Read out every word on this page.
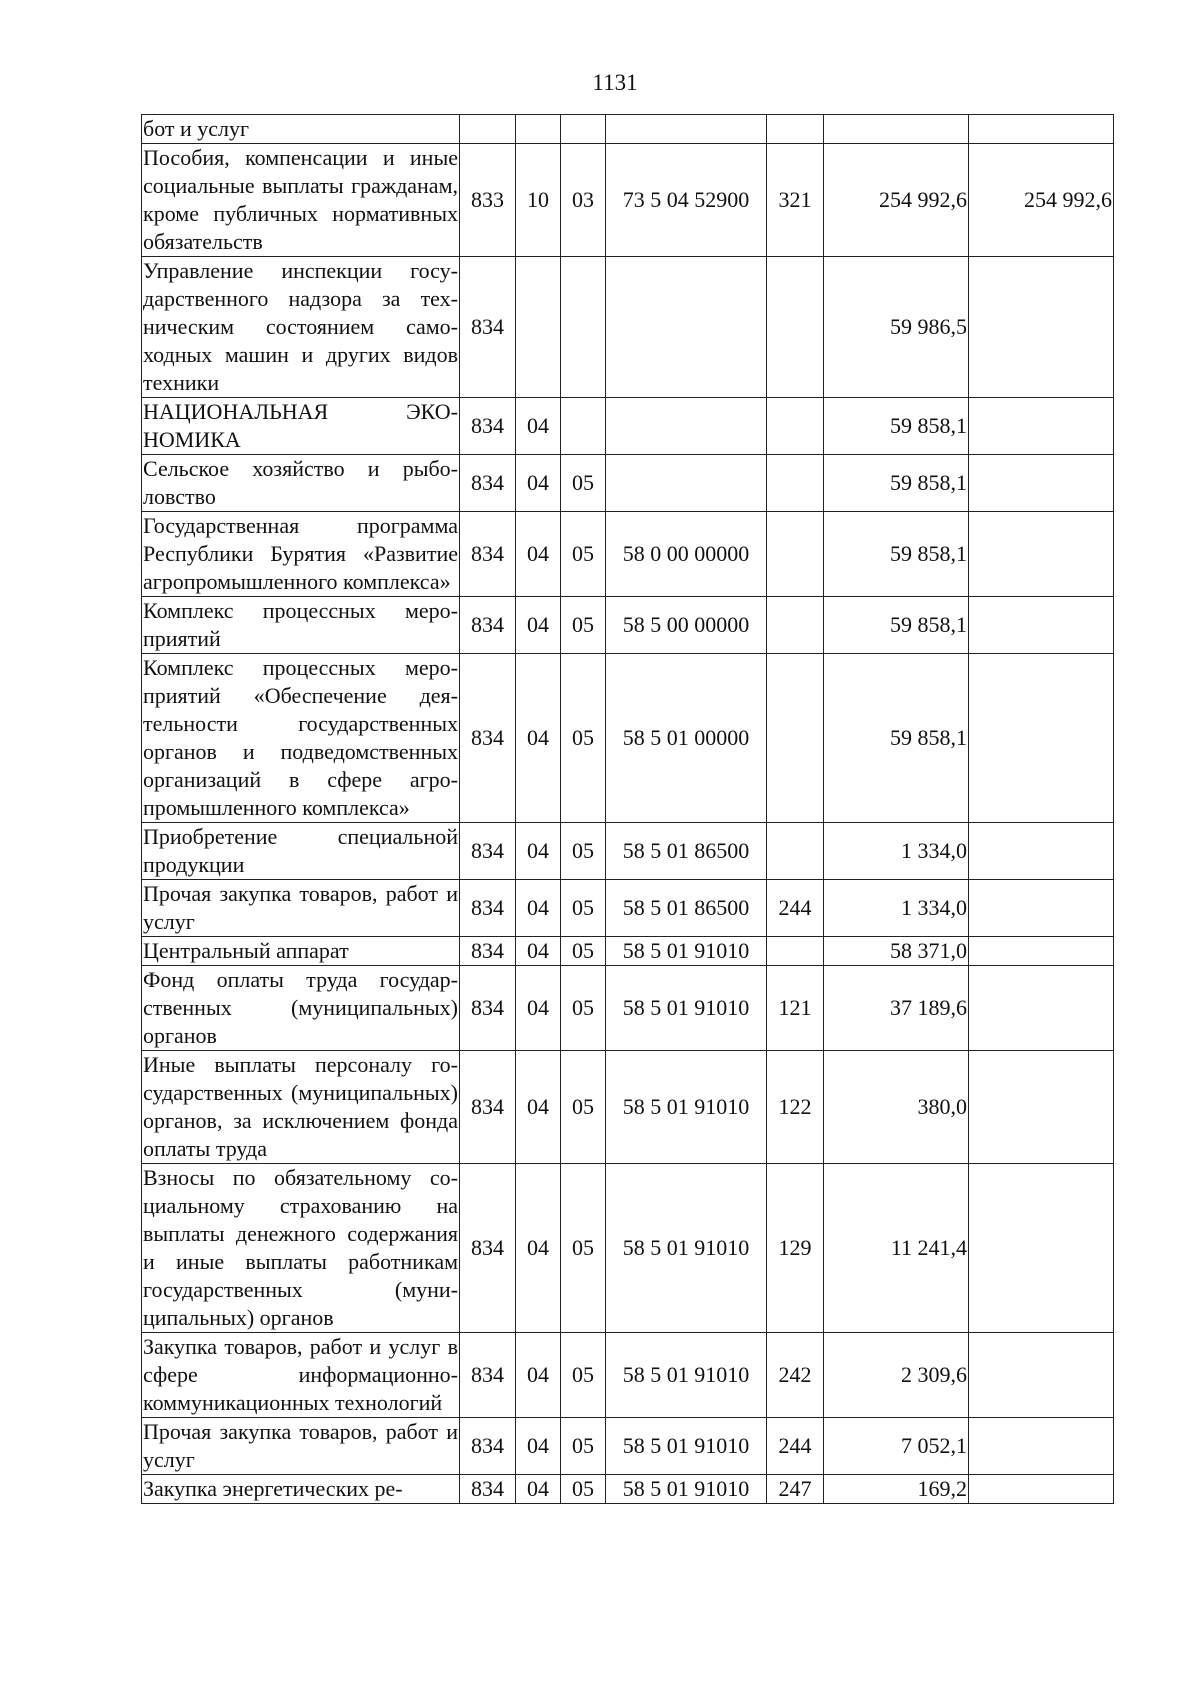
1131
бот и услуг							
Пособия, компенсации и иные социальные выплаты гражданам, кроме публичных нормативных обязательств	833	10	03	73 5 04 52900	321	254 992,6	254 992,6
Управление инспекции государственного надзора за техническим состоянием самоходных машин и других видов техники	834					59 986,5	
НАЦИОНАЛЬНАЯ ЭКОНОМИКА	834	04				59 858,1	
Сельское хозяйство и рыболовство	834	04	05			59 858,1	
Государственная программа Республики Бурятия «Развитие агропромышленного комплекса»	834	04	05	58 0 00 00000		59 858,1	
Комплекс процессных мероприятий	834	04	05	58 5 00 00000		59 858,1	
Комплекс процессных мероприятий «Обеспечение деятельности государственных органов и подведомственных организаций в сфере агропромышленного комплекса»	834	04	05	58 5 01 00000		59 858,1	
Приобретение специальной продукции	834	04	05	58 5 01 86500		1 334,0	
Прочая закупка товаров, работ и услуг	834	04	05	58 5 01 86500	244	1 334,0	
Центральный аппарат	834	04	05	58 5 01 91010		58 371,0	
Фонд оплаты труда государственных (муниципальных) органов	834	04	05	58 5 01 91010	121	37 189,6	
Иные выплаты персоналу государственных (муниципальных) органов, за исключением фонда оплаты труда	834	04	05	58 5 01 91010	122	380,0	
Взносы по обязательному социальному страхованию на выплаты денежного содержания и иные выплаты работникам государственных (муниципальных) органов	834	04	05	58 5 01 91010	129	11 241,4	
Закупка товаров, работ и услуг в сфере информационно-коммуникационных технологий	834	04	05	58 5 01 91010	242	2 309,6	
Прочая закупка товаров, работ и услуг	834	04	05	58 5 01 91010	244	7 052,1	
Закупка энергетических ре-	834	04	05	58 5 01 91010	247	169,2	
